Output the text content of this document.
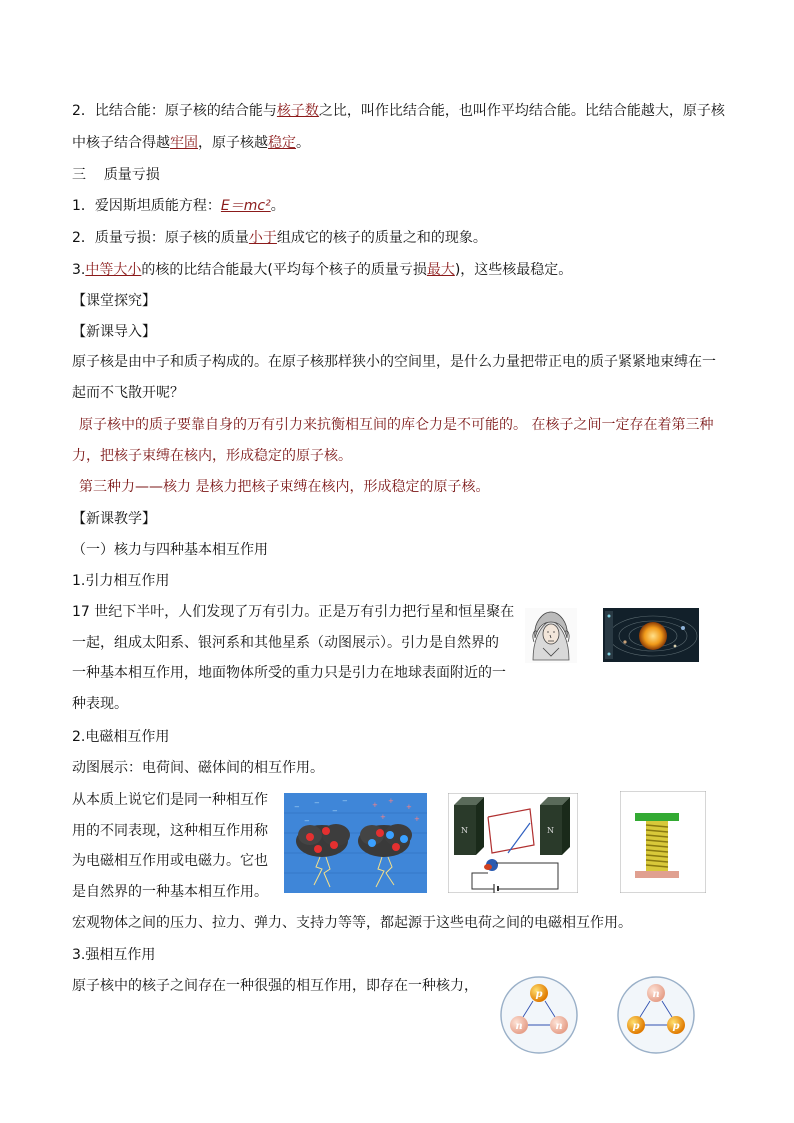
2．比结合能：原子核的结合能与核子数之比，叫作比结合能，也叫作平均结合能。比结合能越大，原子核
中核子结合得越牢固，原子核越稳定。
三 质量亏损
1．爱因斯坦质能方程：E＝mc²。
2．质量亏损：原子核的质量小于组成它的核子的质量之和的现象。
3.中等大小的核的比结合能最大(平均每个核子的质量亏损最大)，这些核最稳定。
【课堂探究】
【新课导入】
原子核是由中子和质子构成的。在原子核那样狭小的空间里，是什么力量把带正电的质子紧紧地束缚在一
起而不飞散开呢？
原子核中的质子要靠自身的万有引力来抗衡相互间的库仑力是不可能的。 在核子之间一定存在着第三种
力，把核子束缚在核内，形成稳定的原子核。
第三种力——核力 是核力把核子束缚在核内，形成稳定的原子核。
【新课教学】
（一）核力与四种基本相互作用
1.引力相互作用
17 世纪下半叶，人们发现了万有引力。正是万有引力把行星和恒星聚在
一起，组成太阳系、银河系和其他星系（动图展示）。引力是自然界的
一种基本相互作用，地面物体所受的重力只是引力在地球表面附近的一
种表现。
2.电磁相互作用
动图展示：电荷间、磁体间的相互作用。
从本质上说它们是同一种相互作
用的不同表现，这种相互作用称
为电磁相互作用或电磁力。它也
是自然界的一种基本相互作用。
− −
−
−
−	+ +
+
+	+
N	N
宏观物体之间的压力、拉力、弹力、支持力等等，都起源于这些电荷之间的电磁相互作用。
3.强相互作用
原子核中的核子之间存在一种很强的相互作用，即存在一种核力，
p
n	n
n
p	p
